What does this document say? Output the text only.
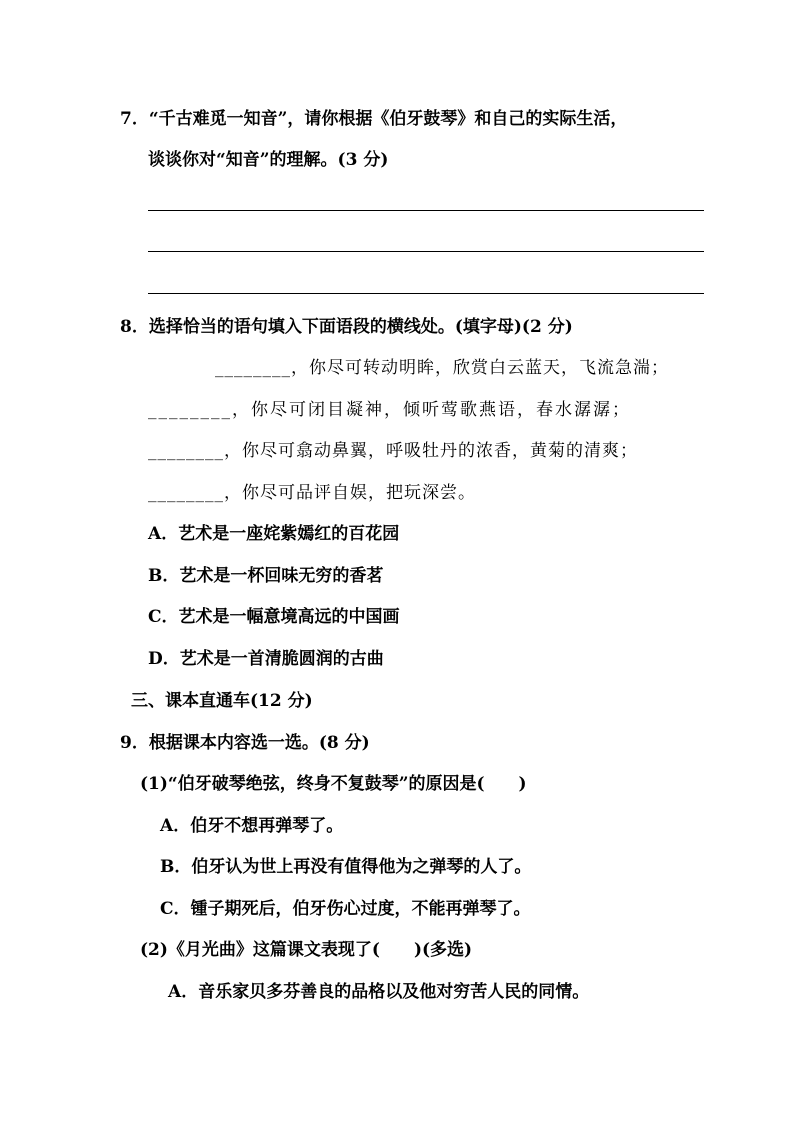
7．“千古难觅一知音”，请你根据《伯牙鼓琴》和自己的实际生活，
谈谈你对“知音”的理解。(3 分)
8．选择恰当的语句填入下面语段的横线处。(填字母)(2 分)
________，你尽可转动明眸，欣赏白云蓝天，飞流急湍；
________，你尽可闭目凝神，倾听莺歌燕语，春水潺潺；
________，你尽可翕动鼻翼，呼吸牡丹的浓香，黄菊的清爽；
________，你尽可品评自娱，把玩深尝。
A．艺术是一座姹紫嫣红的百花园
B．艺术是一杯回味无穷的香茗
C．艺术是一幅意境高远的中国画
D．艺术是一首清脆圆润的古曲
三、课本直通车(12 分)
9．根据课本内容选一选。(8 分)
(1)“伯牙破琴绝弦，终身不复鼓琴”的原因是(　　)
A．伯牙不想再弹琴了。
B．伯牙认为世上再没有值得他为之弹琴的人了。
C．锺子期死后，伯牙伤心过度，不能再弹琴了。
(2)《月光曲》这篇课文表现了(　　)(多选)
A．音乐家贝多芬善良的品格以及他对穷苦人民的同情。
